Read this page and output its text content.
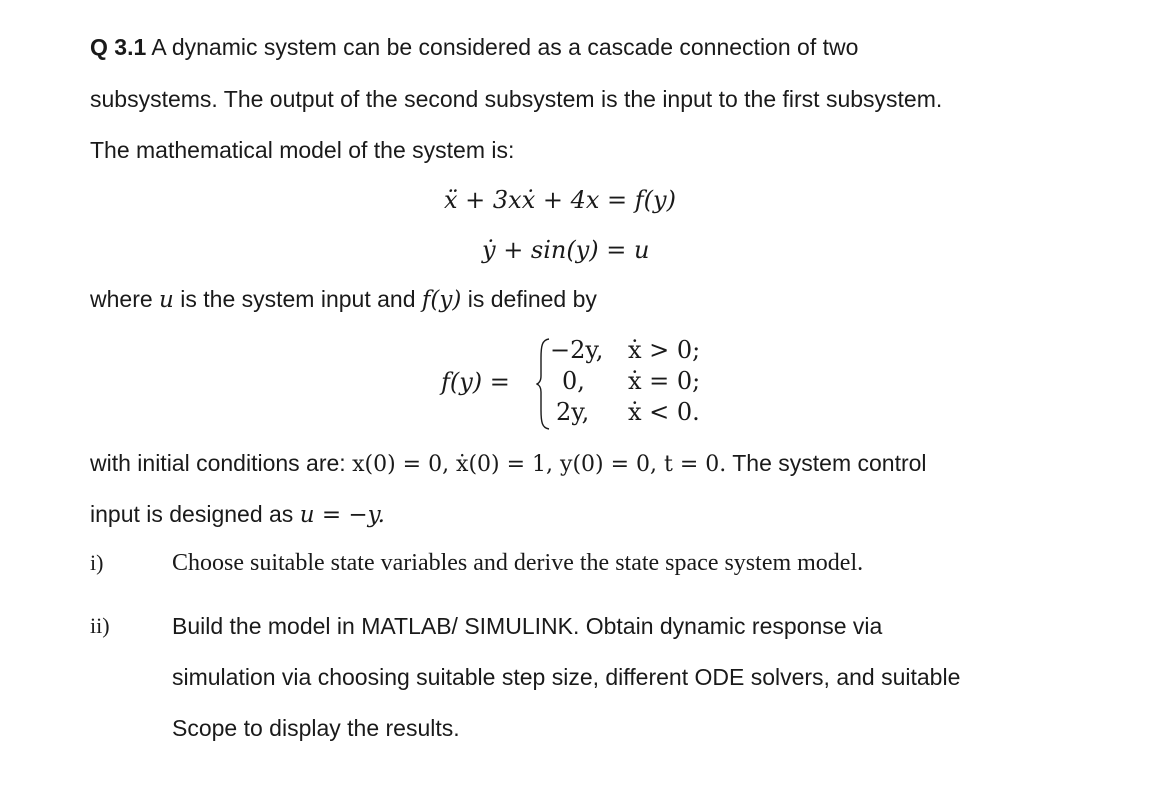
Q 3.1 A dynamic system can be considered as a cascade connection of two
subsystems. The output of the second subsystem is the input to the first subsystem.
The mathematical model of the system is:
ẍ + 3xẋ + 4x = f(y)
ẏ + sin(y) = u
where u is the system input and f(y) is defined by
f(y) =
−2y, ẋ > 0;
0, ẋ = 0;
2y, ẋ < 0.
with initial conditions are: x(0) = 0, ẋ(0) = 1, y(0) = 0, t = 0. The system control
input is designed as u = −y.
i)	Choose suitable state variables and derive the state space system model.
ii)	Build the model in MATLAB/ SIMULINK. Obtain dynamic response via
simulation via choosing suitable step size, different ODE solvers, and suitable
Scope to display the results.
